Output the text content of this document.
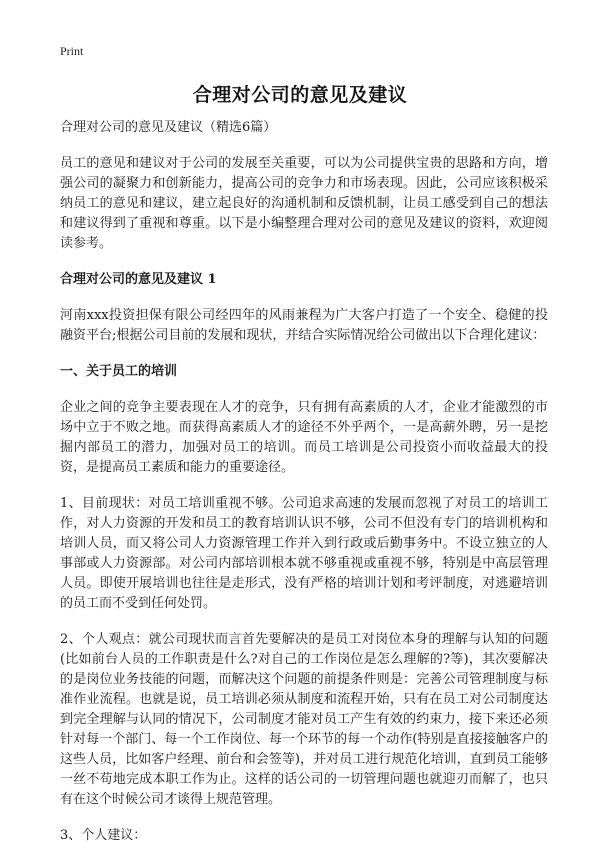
Print
合理对公司的意见及建议

合理对公司的意见及建议（精选6篇）

员工的意见和建议对于公司的发展至关重要，可以为公司提供宝贵的思路和方向，增强公司的凝聚力和创新能力，提高公司的竞争力和市场表现。因此，公司应该积极采纳员工的意见和建议，建立起良好的沟通机制和反馈机制，让员工感受到自己的想法和建议得到了重视和尊重。以下是小编整理合理对公司的意见及建议的资料，欢迎阅读参考。

合理对公司的意见及建议 1

河南xxx投资担保有限公司经四年的风雨兼程为广大客户打造了一个安全、稳健的投融资平台;根据公司目前的发展和现状，并结合实际情况给公司做出以下合理化建议：

一、关于员工的培训

企业之间的竞争主要表现在人才的竞争，只有拥有高素质的人才，企业才能激烈的市场中立于不败之地。而获得高素质人才的途径不外乎两个，一是高薪外聘，另一是挖掘内部员工的潜力，加强对员工的培训。而员工培训是公司投资小而收益最大的投资，是提高员工素质和能力的重要途径。

1、目前现状：对员工培训重视不够。公司追求高速的发展而忽视了对员工的培训工作，对人力资源的开发和员工的教育培训认识不够，公司不但没有专门的培训机构和培训人员，而又将公司人力资源管理工作并入到行政或后勤事务中。不设立独立的人事部或人力资源部。对公司内部培训根本就不够重视或重视不够，特别是中高层管理人员。即使开展培训也往往是走形式，没有严格的培训计划和考评制度，对逃避培训的员工而不受到任何处罚。

2、个人观点：就公司现状而言首先要解决的是员工对岗位本身的理解与认知的问题(比如前台人员的工作职责是什么?对自己的工作岗位是怎么理解的?等)，其次要解决的是岗位业务技能的问题，而解决这个问题的前提条件则是：完善公司管理制度与标准作业流程。也就是说，员工培训必须从制度和流程开始，只有在员工对公司制度达到完全理解与认同的情况下，公司制度才能对员工产生有效的约束力，接下来还必须针对每一个部门、每一个工作岗位、每一个环节的每一个动作(特别是直接接触客户的这些人员，比如客户经理、前台和会签等)，并对员工进行规范化培训，直到员工能够一丝不苟地完成本职工作为止。这样的话公司的一切管理问题也就迎刃而解了，也只有在这个时候公司才谈得上规范管理。

3、个人建议：
